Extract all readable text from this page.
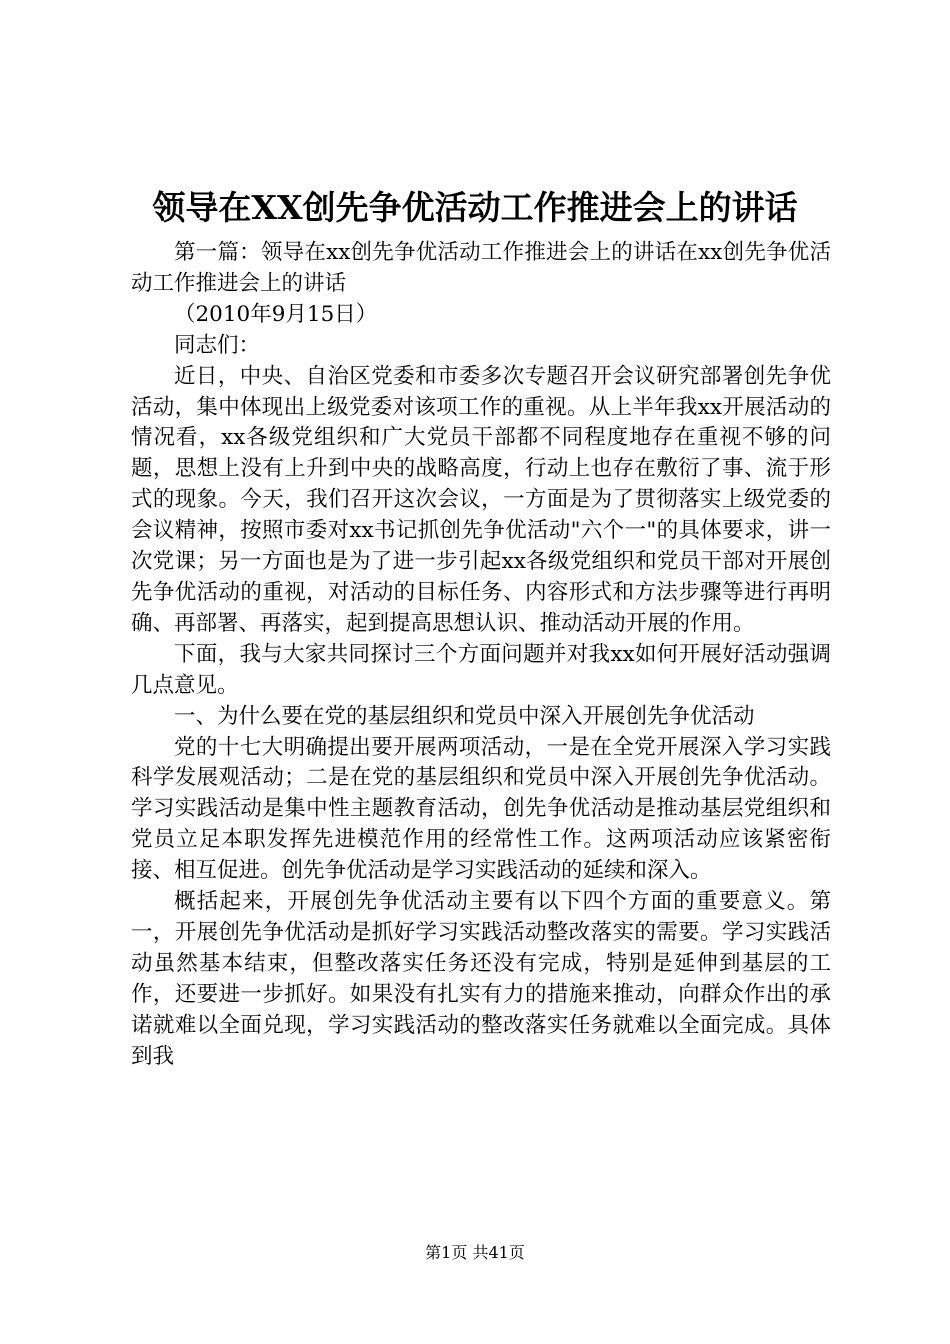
领导在XX创先争优活动工作推进会上的讲话

第一篇：领导在xx创先争优活动工作推进会上的讲话在xx创先争优活动工作推进会上的讲话

（2010年9月15日）

同志们：

近日，中央、自治区党委和市委多次专题召开会议研究部署创先争优活动，集中体现出上级党委对该项工作的重视。从上半年我xx开展活动的情况看，xx各级党组织和广大党员干部都不同程度地存在重视不够的问题，思想上没有上升到中央的战略高度，行动上也存在敷衍了事、流于形式的现象。今天，我们召开这次会议，一方面是为了贯彻落实上级党委的会议精神，按照市委对xx书记抓创先争优活动"六个一"的具体要求，讲一次党课；另一方面也是为了进一步引起xx各级党组织和党员干部对开展创先争优活动的重视，对活动的目标任务、内容形式和方法步骤等进行再明确、再部署、再落实，起到提高思想认识、推动活动开展的作用。

下面，我与大家共同探讨三个方面问题并对我xx如何开展好活动强调几点意见。

一、为什么要在党的基层组织和党员中深入开展创先争优活动

党的十七大明确提出要开展两项活动，一是在全党开展深入学习实践科学发展观活动；二是在党的基层组织和党员中深入开展创先争优活动。学习实践活动是集中性主题教育活动，创先争优活动是推动基层党组织和党员立足本职发挥先进模范作用的经常性工作。这两项活动应该紧密衔接、相互促进。创先争优活动是学习实践活动的延续和深入。

概括起来，开展创先争优活动主要有以下四个方面的重要意义。第一，开展创先争优活动是抓好学习实践活动整改落实的需要。学习实践活动虽然基本结束，但整改落实任务还没有完成，特别是延伸到基层的工作，还要进一步抓好。如果没有扎实有力的措施来推动，向群众作出的承诺就难以全面兑现，学习实践活动的整改落实任务就难以全面完成。具体到我

第1页 共41页
